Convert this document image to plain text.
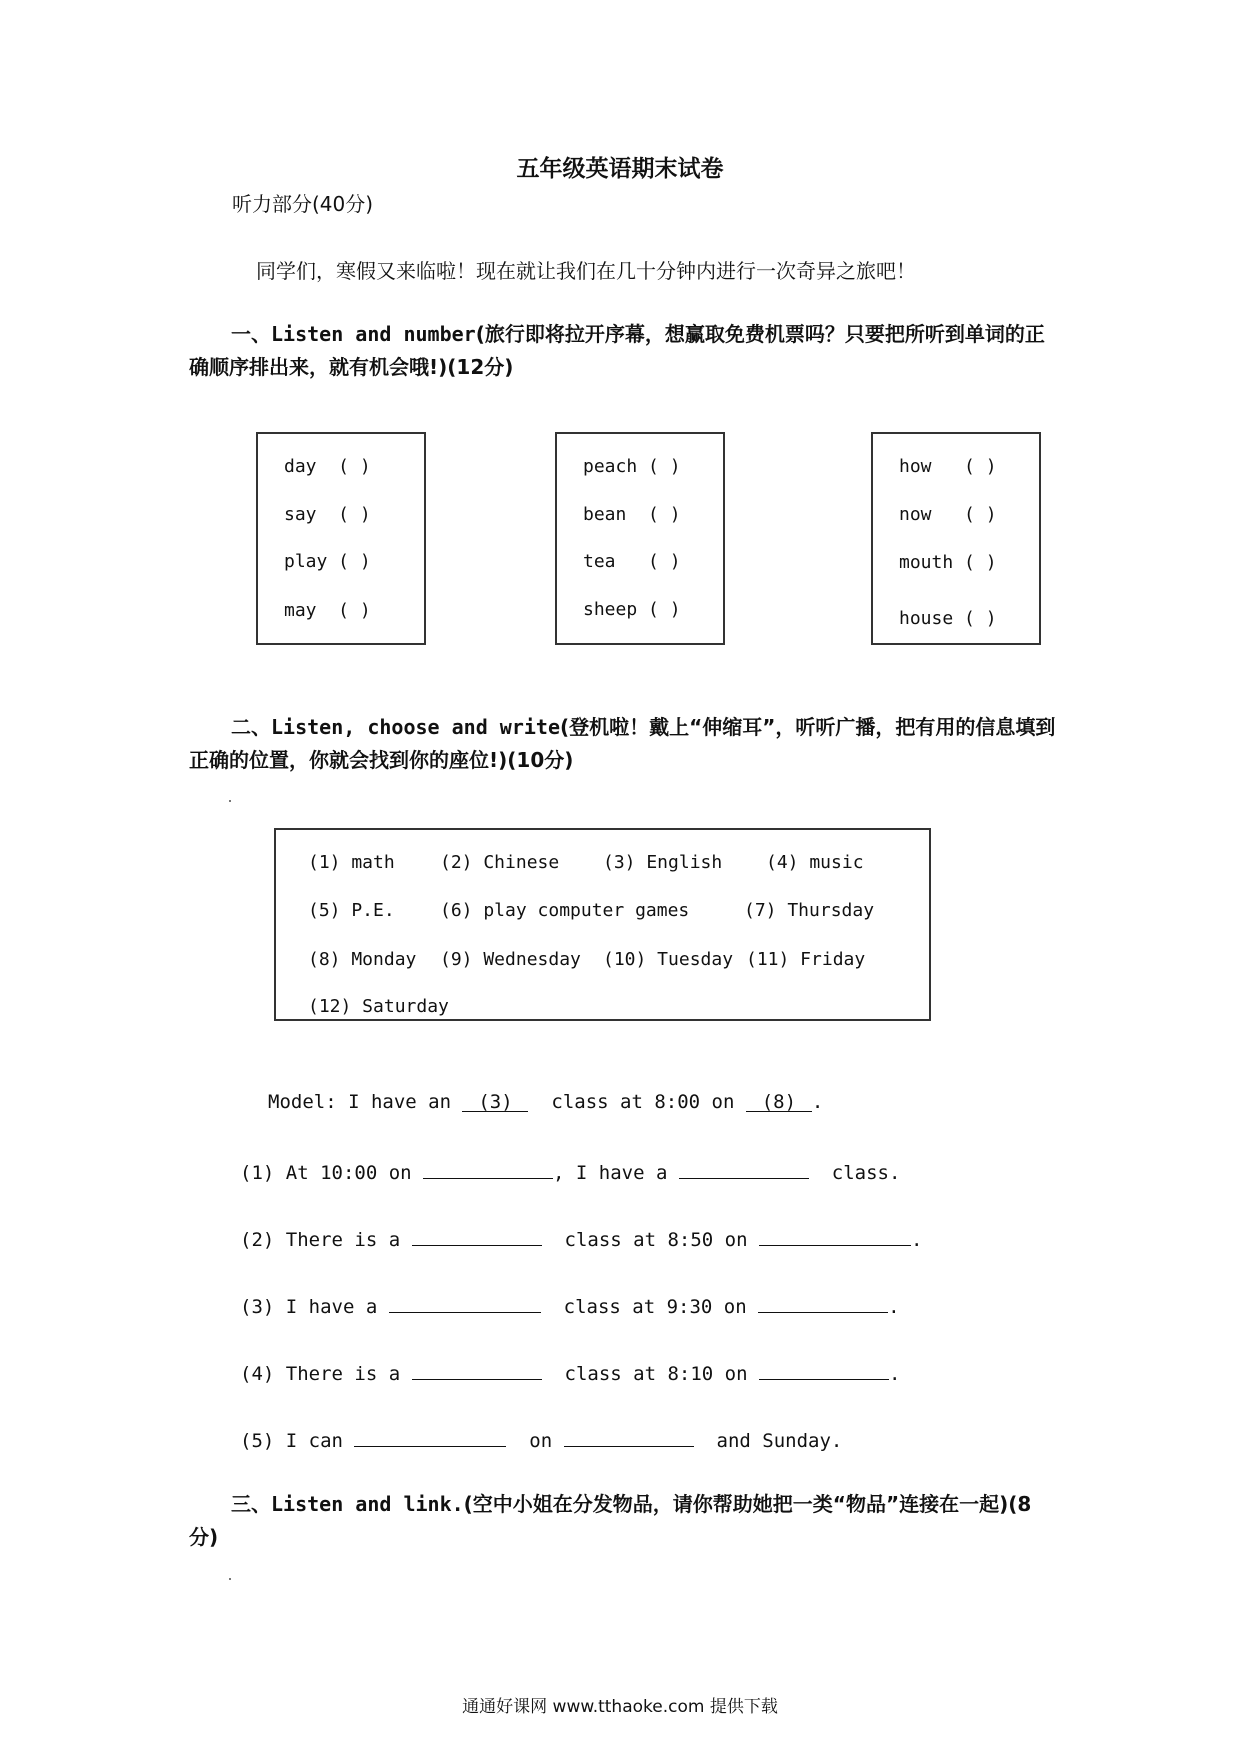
五年级英语期末试卷
听力部分(40分)
同学们，寒假又来临啦！现在就让我们在几十分钟内进行一次奇异之旅吧！
一、Listen and number(旅行即将拉开序幕，想赢取免费机票吗？只要把所听到单词的正确顺序排出来，就有机会哦!)(12分)
day  ( )
say  ( )
play ( )
may  ( )
peach ( )
bean  ( )
tea   ( )
sheep ( )
how   ( )
now   ( )
mouth ( )
house ( )
二、Listen, choose and write(登机啦！戴上“伸缩耳”，听听广播，把有用的信息填到正确的位置，你就会找到你的座位!)(10分)
(1) math	(2) Chinese (3) English (4) music
(5) P.E.	(6) play computer games	(7) Thursday
(8) Monday (9) Wednesday (10) Tuesday (11) Friday
(12) Saturday
Model: I have an (3) class at 8:00 on (8) .
(1) At 10:00 on	, I have a	class.
(2) There is a	class at 8:50 on	.
(3) I have a	class at 9:30 on	.
(4) There is a	class at 8:10 on	.
(5) I can	on	and Sunday.
三、Listen and link.(空中小姐在分发物品，请你帮助她把一类“物品”连接在一起)(8分)
通通好课网 www.tthaoke.com 提供下载
